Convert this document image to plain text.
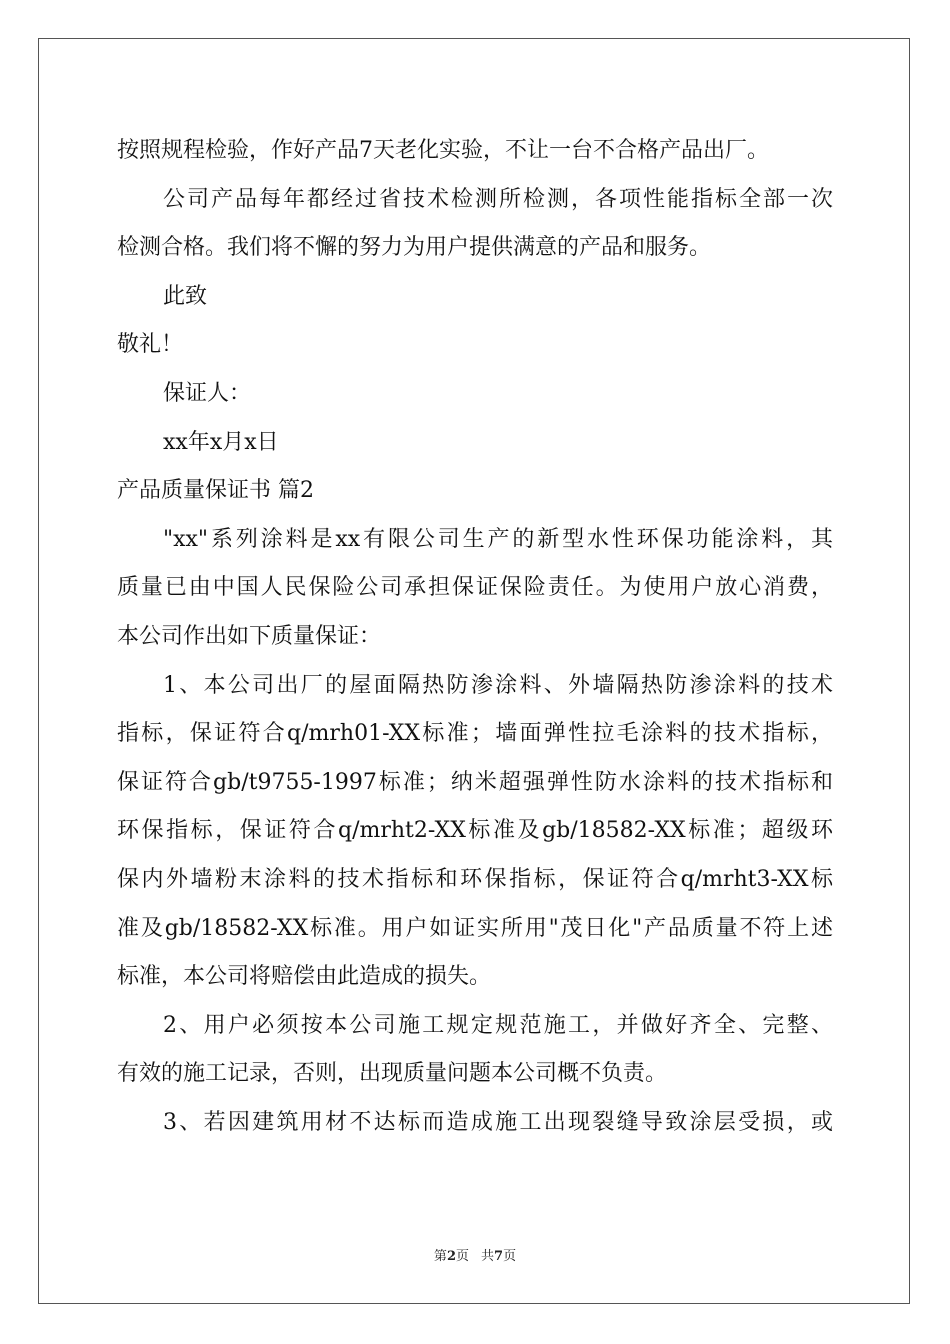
按照规程检验，作好产品7天老化实验，不让一台不合格产品出厂。
公司产品每年都经过省技术检测所检测，各项性能指标全部一次
检测合格。我们将不懈的努力为用户提供满意的产品和服务。
此致
敬礼！
保证人：
xx年x月x日
产品质量保证书 篇2
"xx"系列涂料是xx有限公司生产的新型水性环保功能涂料，其
质量已由中国人民保险公司承担保证保险责任。为使用户放心消费，
本公司作出如下质量保证：
1、本公司出厂的屋面隔热防渗涂料、外墙隔热防渗涂料的技术
指标，保证符合q/mrh01-XX标准；墙面弹性拉毛涂料的技术指标，
保证符合gb/t9755-1997标准；纳米超强弹性防水涂料的技术指标和
环保指标，保证符合q/mrht2-XX标准及gb/18582-XX标准；超级环
保内外墙粉末涂料的技术指标和环保指标，保证符合q/mrht3-XX标
准及gb/18582-XX标准。用户如证实所用"茂日化"产品质量不符上述
标准，本公司将赔偿由此造成的损失。
2、用户必须按本公司施工规定规范施工，并做好齐全、完整、
有效的施工记录，否则，出现质量问题本公司概不负责。
3、若因建筑用材不达标而造成施工出现裂缝导致涂层受损，或
第2页 共7页
